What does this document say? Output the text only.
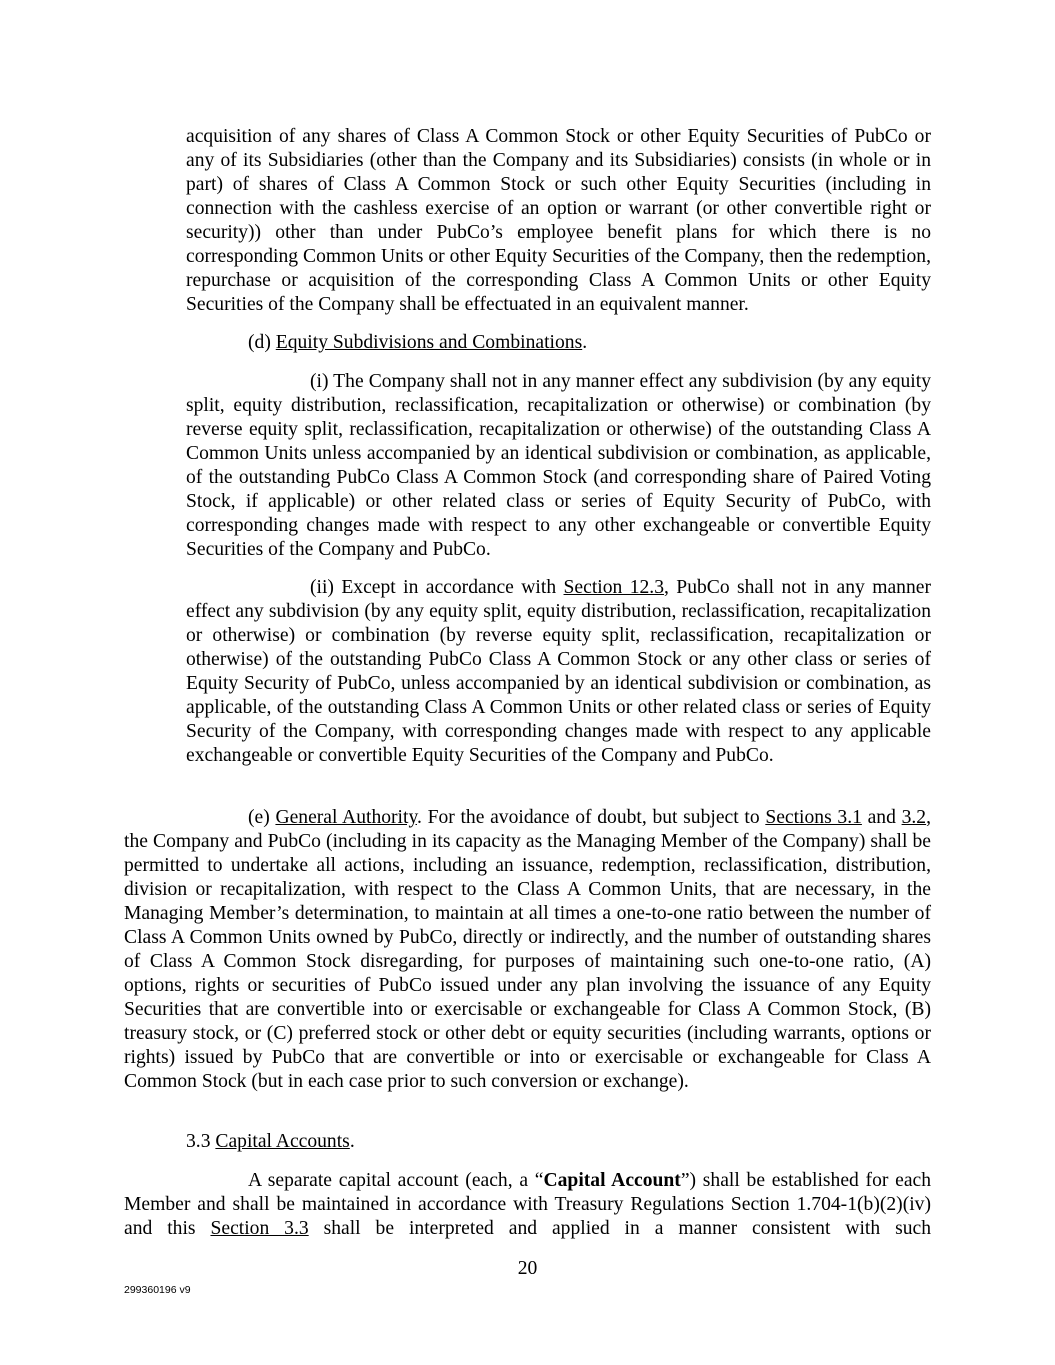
acquisition of any shares of Class A Common Stock or other Equity Securities of PubCo or any of its Subsidiaries (other than the Company and its Subsidiaries) consists (in whole or in part) of shares of Class A Common Stock or such other Equity Securities (including in connection with the cashless exercise of an option or warrant (or other convertible right or security)) other than under PubCo’s employee benefit plans for which there is no corresponding Common Units or other Equity Securities of the Company, then the redemption, repurchase or acquisition of the corresponding Class A Common Units or other Equity Securities of the Company shall be effectuated in an equivalent manner.

(d) Equity Subdivisions and Combinations.

(i) The Company shall not in any manner effect any subdivision (by any equity split, equity distribution, reclassification, recapitalization or otherwise) or combination (by reverse equity split, reclassification, recapitalization or otherwise) of the outstanding Class A Common Units unless accompanied by an identical subdivision or combination, as applicable, of the outstanding PubCo Class A Common Stock (and corresponding share of Paired Voting Stock, if applicable) or other related class or series of Equity Security of PubCo, with corresponding changes made with respect to any other exchangeable or convertible Equity Securities of the Company and PubCo.

(ii) Except in accordance with Section 12.3, PubCo shall not in any manner effect any subdivision (by any equity split, equity distribution, reclassification, recapitalization or otherwise) or combination (by reverse equity split, reclassification, recapitalization or otherwise) of the outstanding PubCo Class A Common Stock or any other class or series of Equity Security of PubCo, unless accompanied by an identical subdivision or combination, as applicable, of the outstanding Class A Common Units or other related class or series of Equity Security of the Company, with corresponding changes made with respect to any applicable exchangeable or convertible Equity Securities of the Company and PubCo.

(e) General Authority. For the avoidance of doubt, but subject to Sections 3.1 and 3.2, the Company and PubCo (including in its capacity as the Managing Member of the Company) shall be permitted to undertake all actions, including an issuance, redemption, reclassification, distribution, division or recapitalization, with respect to the Class A Common Units, that are necessary, in the Managing Member’s determination, to maintain at all times a one-to-one ratio between the number of Class A Common Units owned by PubCo, directly or indirectly, and the number of outstanding shares of Class A Common Stock disregarding, for purposes of maintaining such one-to-one ratio, (A) options, rights or securities of PubCo issued under any plan involving the issuance of any Equity Securities that are convertible into or exercisable or exchangeable for Class A Common Stock, (B) treasury stock, or (C) preferred stock or other debt or equity securities (including warrants, options or rights) issued by PubCo that are convertible or into or exercisable or exchangeable for Class A Common Stock (but in each case prior to such conversion or exchange).

3.3 Capital Accounts.

A separate capital account (each, a “Capital Account”) shall be established for each Member and shall be maintained in accordance with Treasury Regulations Section 1.704-1(b)(2)(iv) and this Section 3.3 shall be interpreted and applied in a manner consistent with such

20
299360196 v9
